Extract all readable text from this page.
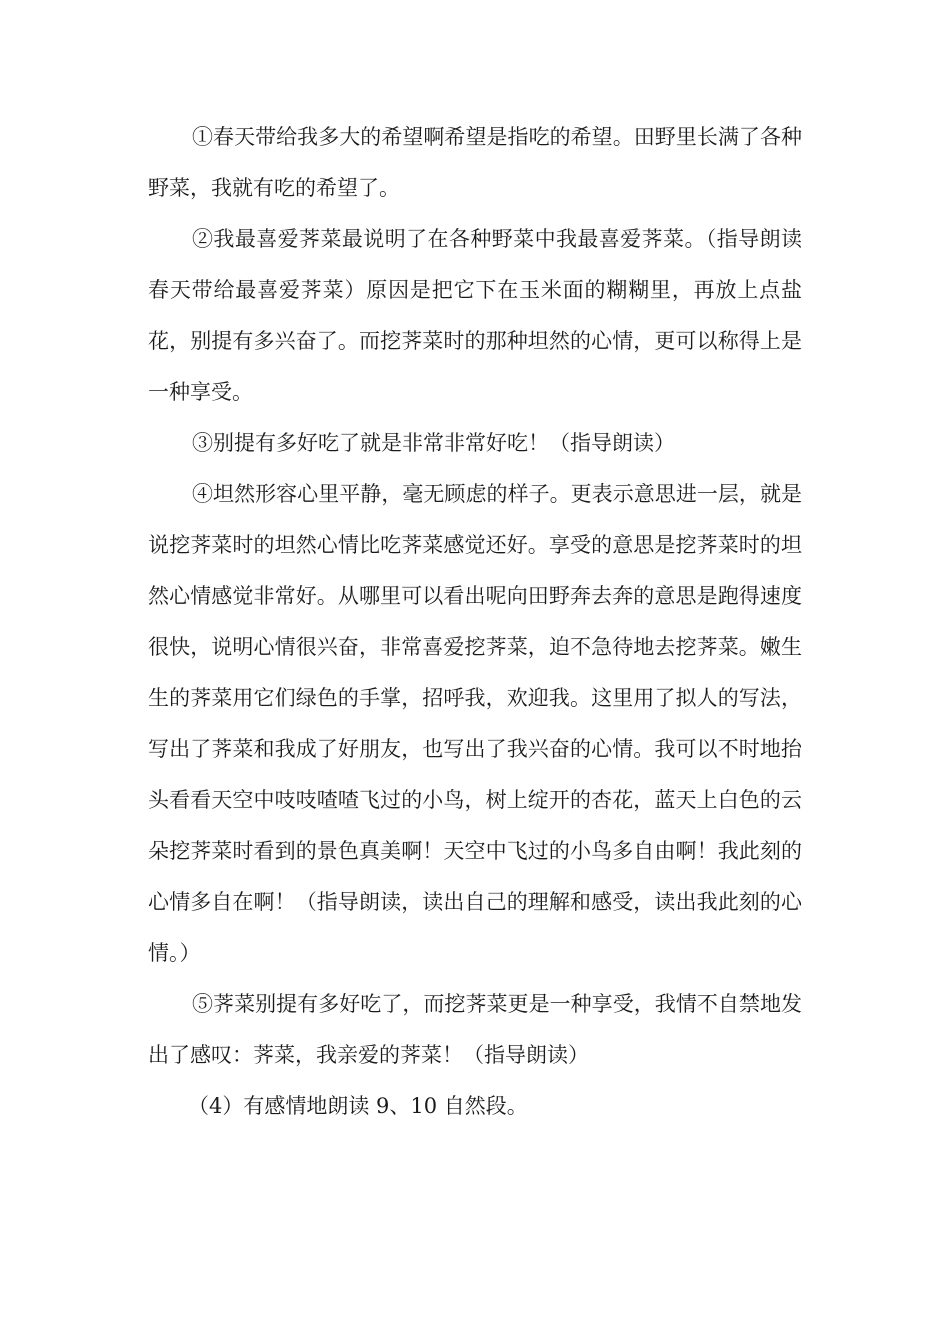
①春天带给我多大的希望啊希望是指吃的希望。田野里长满了各种野菜，我就有吃的希望了。

②我最喜爱荠菜最说明了在各种野菜中我最喜爱荠菜。（指导朗读春天带给最喜爱荠菜）原因是把它下在玉米面的糊糊里，再放上点盐花，别提有多兴奋了。而挖荠菜时的那种坦然的心情，更可以称得上是一种享受。

③别提有多好吃了就是非常非常好吃！（指导朗读）

④坦然形容心里平静，毫无顾虑的样子。更表示意思进一层，就是说挖荠菜时的坦然心情比吃荠菜感觉还好。享受的意思是挖荠菜时的坦然心情感觉非常好。从哪里可以看出呢向田野奔去奔的意思是跑得速度很快，说明心情很兴奋，非常喜爱挖荠菜，迫不急待地去挖荠菜。嫩生生的荠菜用它们绿色的手掌，招呼我，欢迎我。这里用了拟人的写法，写出了荠菜和我成了好朋友，也写出了我兴奋的心情。我可以不时地抬头看看天空中吱吱喳喳飞过的小鸟，树上绽开的杏花，蓝天上白色的云朵挖荠菜时看到的景色真美啊！天空中飞过的小鸟多自由啊！我此刻的心情多自在啊！（指导朗读，读出自己的理解和感受，读出我此刻的心情。）

⑤荠菜别提有多好吃了，而挖荠菜更是一种享受，我情不自禁地发出了感叹：荠菜，我亲爱的荠菜！（指导朗读）

（4）有感情地朗读 9、10 自然段。
